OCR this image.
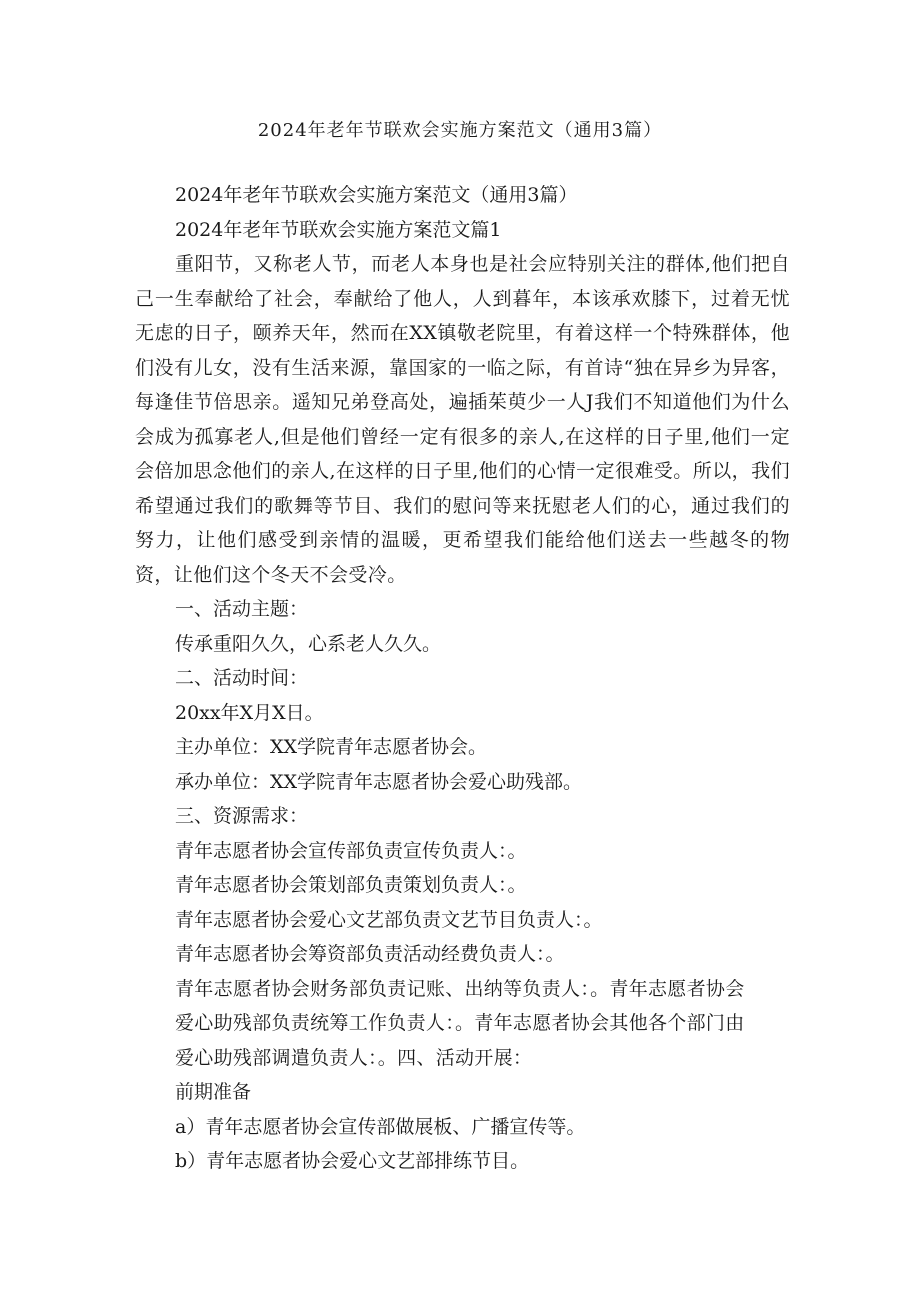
2024年老年节联欢会实施方案范文（通用3篇）

2024年老年节联欢会实施方案范文（通用3篇）

2024年老年节联欢会实施方案范文篇1

重阳节，又称老人节，而老人本身也是社会应特别关注的群体,他们把自己一生奉献给了社会，奉献给了他人，人到暮年，本该承欢膝下，过着无忧无虑的日子，颐养天年，然而在XX镇敬老院里，有着这样一个特殊群体，他们没有儿女，没有生活来源，靠国家的一临之际，有首诗“独在异乡为异客，每逢佳节倍思亲。遥知兄弟登高处，遍插茱萸少一人J我们不知道他们为什么会成为孤寡老人,但是他们曾经一定有很多的亲人,在这样的日子里,他们一定会倍加思念他们的亲人,在这样的日子里,他们的心情一定很难受。所以，我们希望通过我们的歌舞等节目、我们的慰问等来抚慰老人们的心，通过我们的努力，让他们感受到亲情的温暖，更希望我们能给他们送去一些越冬的物资，让他们这个冬天不会受冷。

一、活动主题：

传承重阳久久，心系老人久久。

二、活动时间：

20xx年X月X日。

主办单位：XX学院青年志愿者协会。

承办单位：XX学院青年志愿者协会爱心助残部。

三、资源需求：

青年志愿者协会宣传部负责宣传负责人：。

青年志愿者协会策划部负责策划负责人：。

青年志愿者协会爱心文艺部负责文艺节目负责人：。

青年志愿者协会筹资部负责活动经费负责人：。

青年志愿者协会财务部负责记账、出纳等负责人：。青年志愿者协会
爱心助残部负责统筹工作负责人：。青年志愿者协会其他各个部门由
爱心助残部调遣负责人：。四、活动开展：

前期准备

a）青年志愿者协会宣传部做展板、广播宣传等。

b）青年志愿者协会爱心文艺部排练节目。
